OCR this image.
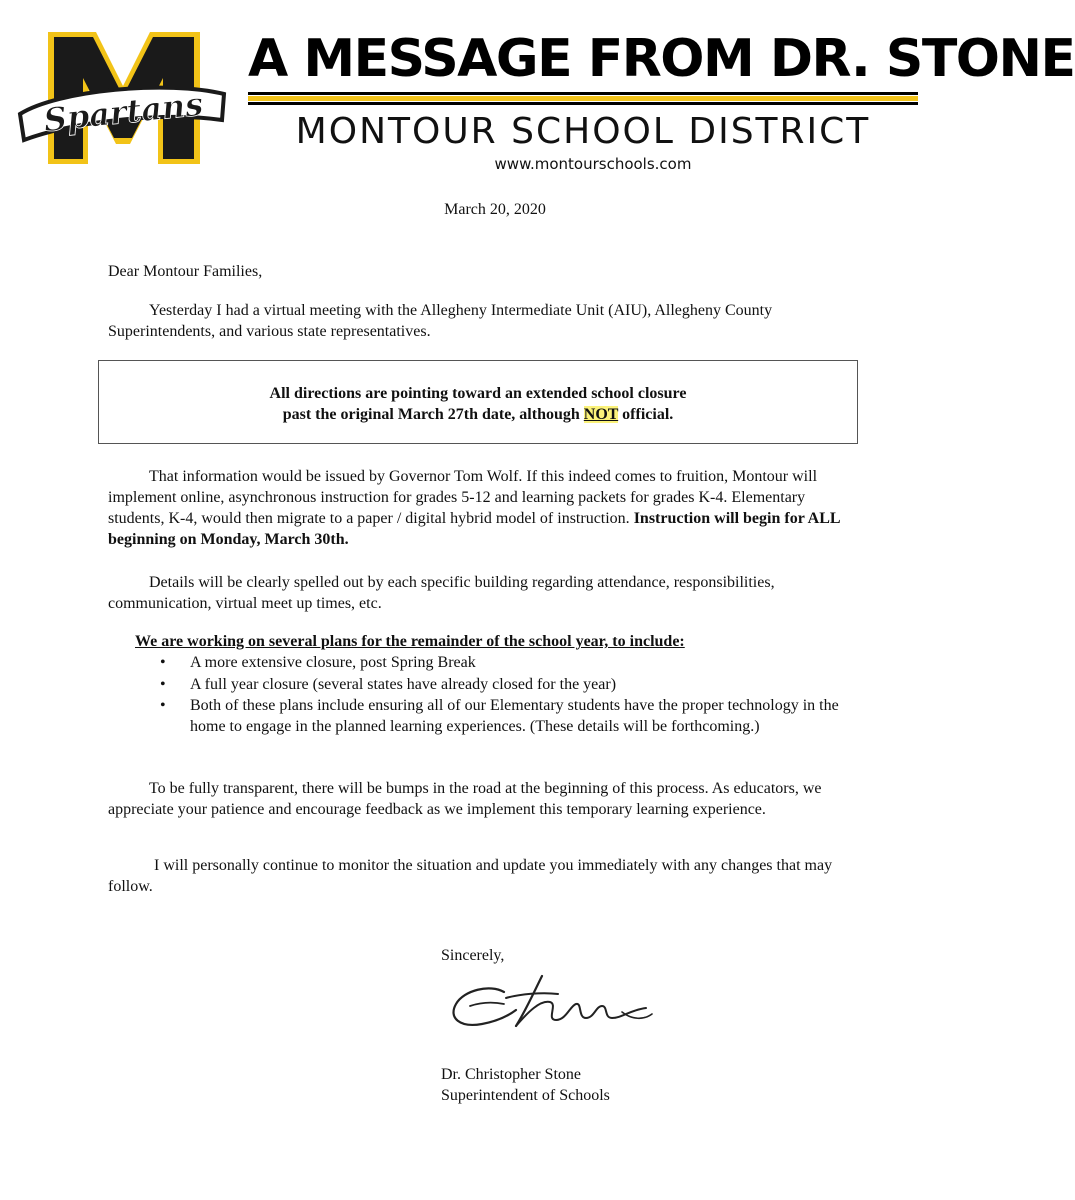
Spartans
A MESSAGE FROM DR. STONE
MONTOUR SCHOOL DISTRICT
www.montourschools.com
March 20, 2020
Dear Montour Families,
Yesterday I had a virtual meeting with the Allegheny Intermediate Unit (AIU), Allegheny County Superintendents, and various state representatives.
All directions are pointing toward an extended school closure
past the original March 27th date, although NOT official.
That information would be issued by Governor Tom Wolf. If this indeed comes to fruition, Montour will implement online, asynchronous instruction for grades 5-12 and learning packets for grades K-4. Elementary students, K-4, would then migrate to a paper / digital hybrid model of instruction. Instruction will begin for ALL beginning on Monday, March 30th.
Details will be clearly spelled out by each specific building regarding attendance, responsibilities, communication, virtual meet up times, etc.
We are working on several plans for the remainder of the school year, to include:
• A more extensive closure, post Spring Break
• A full year closure (several states have already closed for the year)
• Both of these plans include ensuring all of our Elementary students have the proper technology in the home to engage in the planned learning experiences. (These details will be forthcoming.)
To be fully transparent, there will be bumps in the road at the beginning of this process. As educators, we appreciate your patience and encourage feedback as we implement this temporary learning experience.
I will personally continue to monitor the situation and update you immediately with any changes that may follow.
Sincerely,
Dr. Christopher Stone
Superintendent of Schools
